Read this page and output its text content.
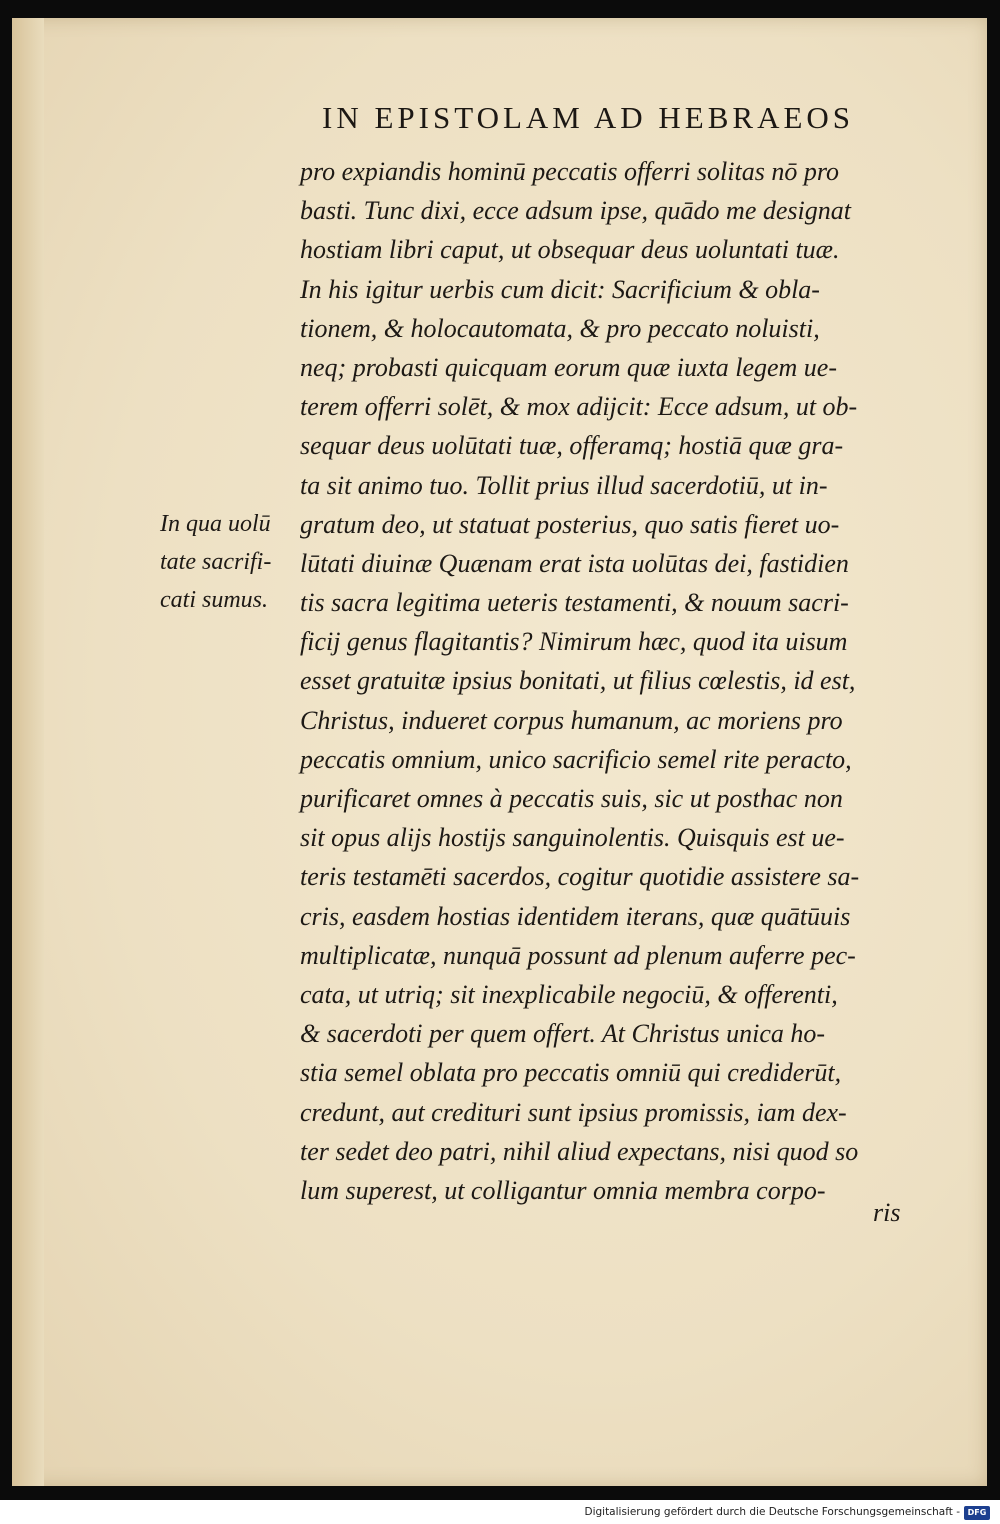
IN EPISTOLAM AD HEBRAEOS
pro expiandis hominū peccatis offerri solitas nō pro
basti. Tunc dixi, ecce adsum ipse, quādo me designat
hostiam libri caput, ut obsequar deus uoluntati tuæ.
In his igitur uerbis cum dicit: Sacrificium & obla-
tionem, & holocautomata, & pro peccato noluisti,
neq; probasti quicquam eorum quæ iuxta legem ue-
terem offerri solēt, & mox adijcit: Ecce adsum, ut ob-
sequar deus uolūtati tuæ, offeramq; hostiā quæ gra-
ta sit animo tuo. Tollit prius illud sacerdotiū, ut in-
gratum deo, ut statuat posterius, quo satis fieret uo-
lūtati diuinæ Quænam erat ista uolūtas dei, fastidien
tis sacra legitima ueteris testamenti, & nouum sacri-
ficij genus flagitantis? Nimirum hæc, quod ita uisum
esset gratuitæ ipsius bonitati, ut filius cœlestis, id est,
Christus, indueret corpus humanum, ac moriens pro
peccatis omnium, unico sacrificio semel rite peracto,
purificaret omnes à peccatis suis, sic ut posthac non
sit opus alijs hostijs sanguinolentis. Quisquis est ue-
teris testamēti sacerdos, cogitur quotidie assistere sa-
cris, easdem hostias identidem iterans, quæ quātūuis
multiplicatæ, nunquā possunt ad plenum auferre pec-
cata, ut utriq; sit inexplicabile negociū, & offerenti,
& sacerdoti per quem offert. At Christus unica ho-
stia semel oblata pro peccatis omniū qui crediderūt,
credunt, aut credituri sunt ipsius promissis, iam dex-
ter sedet deo patri, nihil aliud expectans, nisi quod so
lum superest, ut colligantur omnia membra corpo-
ris
In qua uolū
tate sacrifi-
cati sumus.
Digitalisierung gefördert durch die Deutsche Forschungsgemeinschaft - DFG
